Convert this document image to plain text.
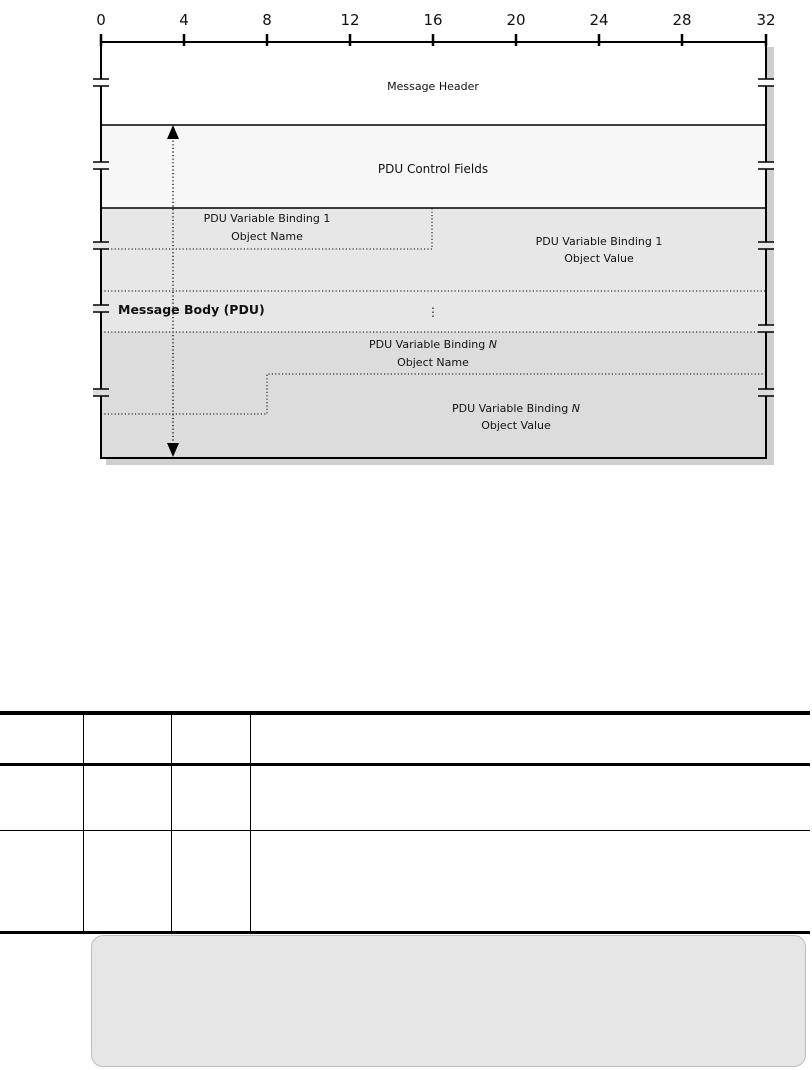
0	4	8	12	16	20	24	28	32
Message Header
PDU Control Fields
PDU Variable Binding 1
Object Name	PDU Variable Binding 1
Object Value
⋮
Message Body (PDU)
PDU Variable Binding N
Object Name
PDU Variable Binding N
Object Value
